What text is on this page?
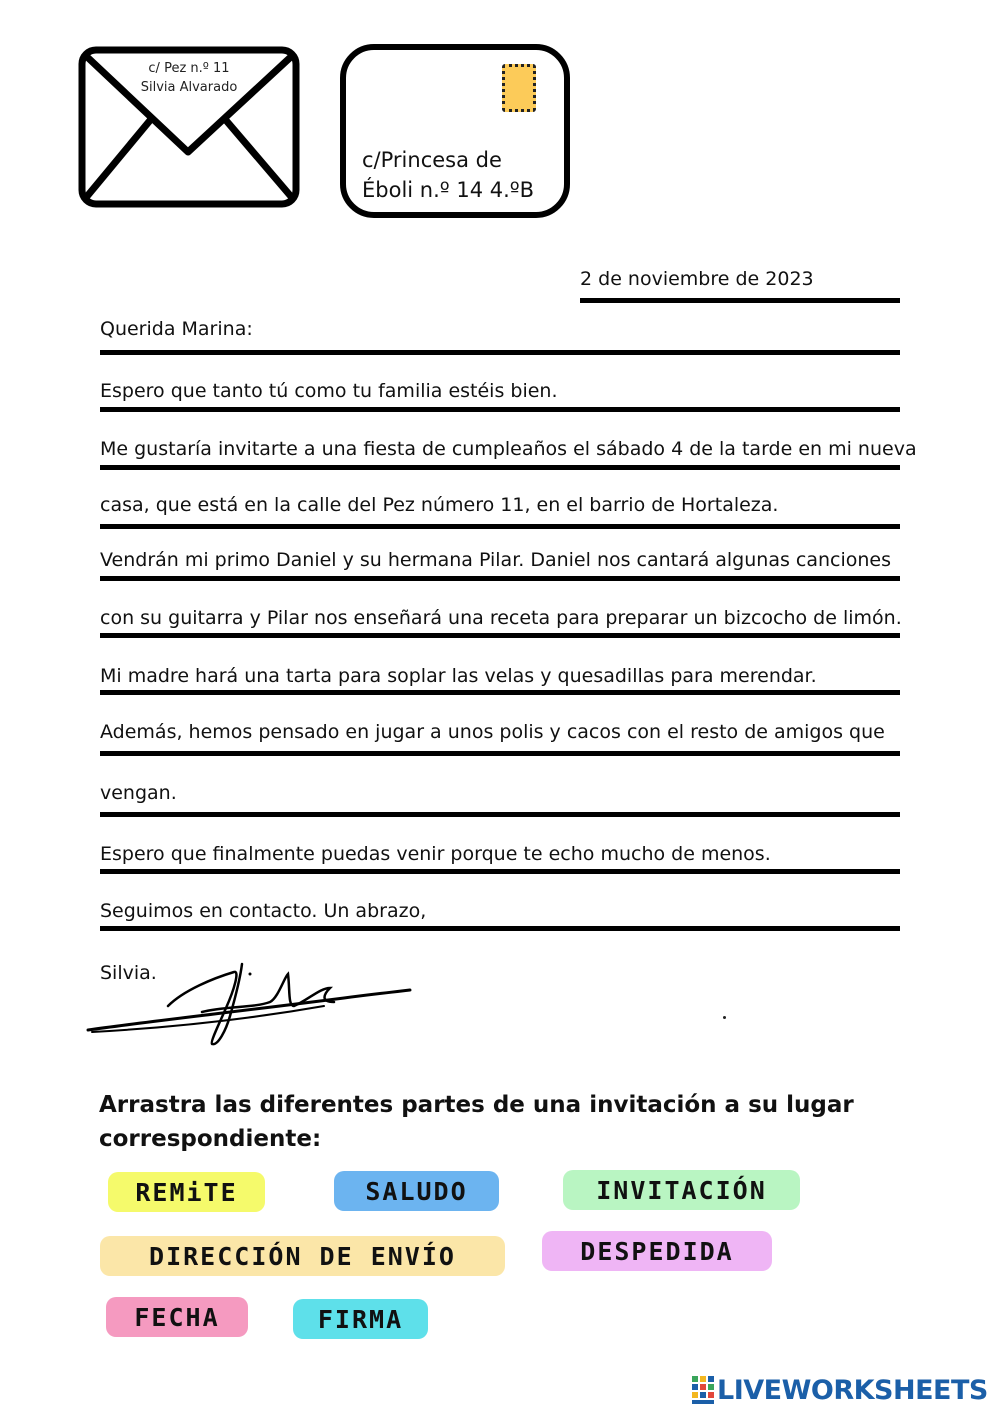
c/ Pez n.º 11
Silvia Alvarado
c/Princesa de
Éboli n.º 14 4.ºB
2 de noviembre de 2023
Querida Marina:
Espero que tanto tú como tu familia estéis bien.
Me gustaría invitarte a una fiesta de cumpleaños el sábado 4 de la tarde en mi nueva
casa, que está en la calle del Pez número 11, en el barrio de Hortaleza.
Vendrán mi primo Daniel y su hermana Pilar. Daniel nos cantará algunas canciones
con su guitarra y Pilar nos enseñará una receta para preparar un bizcocho de limón.
Mi madre hará una tarta para soplar las velas y quesadillas para merendar.
Además, hemos pensado en jugar a unos polis y cacos con el resto de amigos que
vengan.
Espero que finalmente puedas venir porque te echo mucho de menos.
Seguimos en contacto. Un abrazo,
Silvia.
Arrastra las diferentes partes de una invitación a su lugar correspondiente:
REMiTE	SALUDO	INVITACIÓN
DIRECCIÓN DE ENVÍO	DESPEDIDA
FECHA	FIRMA
LIVEWORKSHEETS
